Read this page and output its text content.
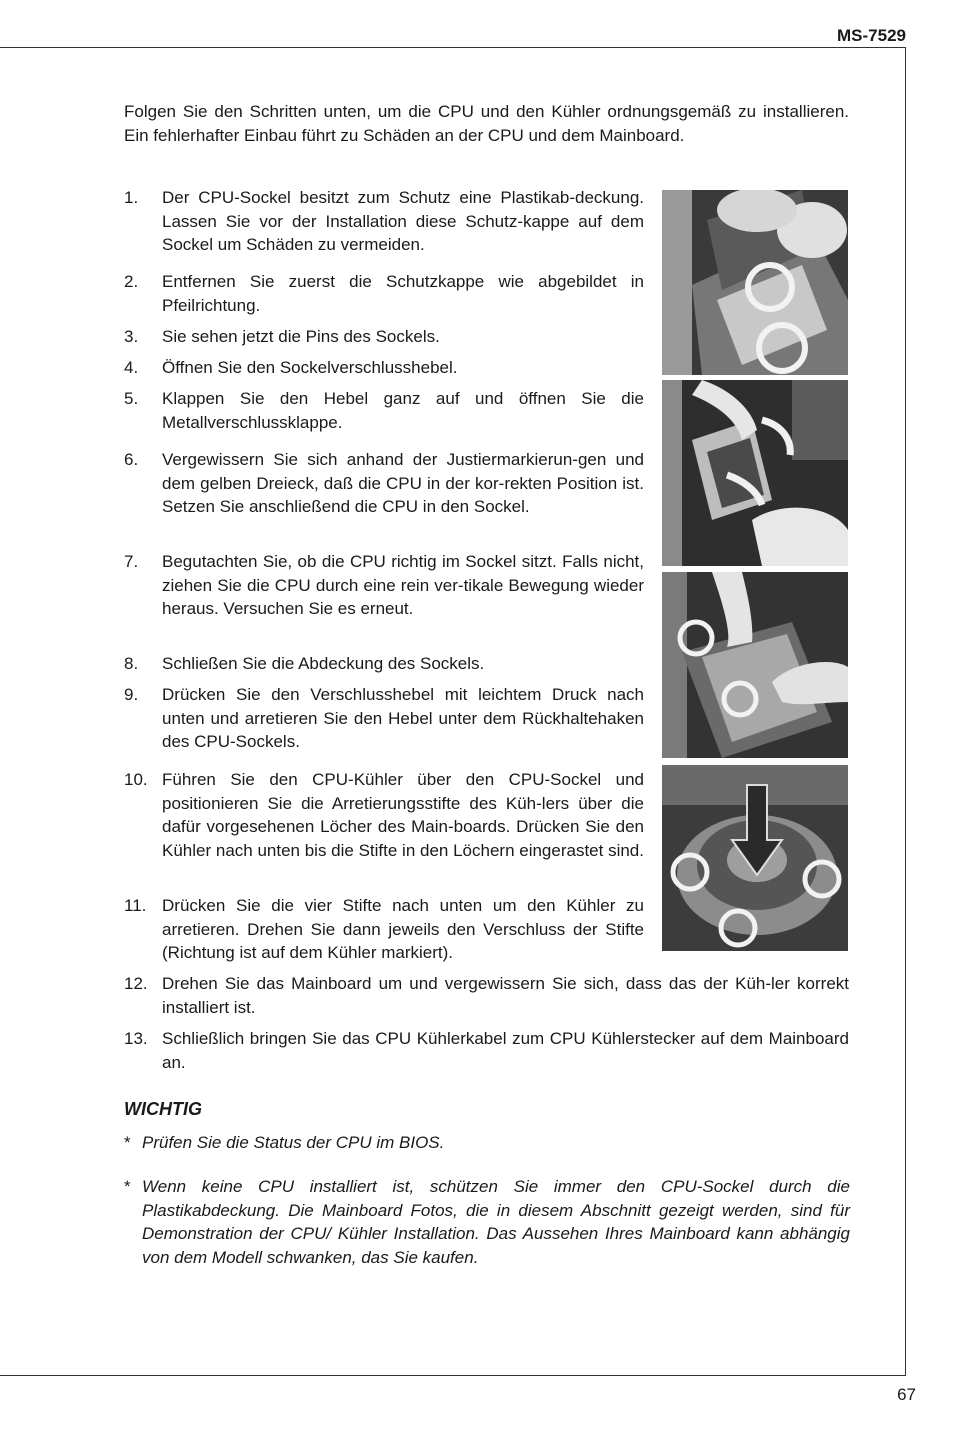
MS-7529

Folgen Sie den Schritten unten, um die CPU und den Kühler ordnungsgemäß zu installieren. Ein fehlerhafter Einbau führt zu Schäden an der CPU und dem Mainboard.

1.	Der CPU-Sockel besitzt zum Schutz eine Plastikab-deckung. Lassen Sie vor der Installation diese Schutz-kappe auf dem Sockel um Schäden zu vermeiden.
2.	Entfernen Sie zuerst die Schutzkappe wie abgebildet in Pfeilrichtung.
3.	Sie sehen jetzt die Pins des Sockels.
4.	Öffnen Sie den Sockelverschlusshebel.
5.	Klappen Sie den Hebel ganz auf und öffnen Sie die Metallverschlussklappe.
6.	Vergewissern Sie sich anhand der Justiermarkierun-gen und dem gelben Dreieck, daß die CPU in der kor-rekten Position ist. Setzen Sie anschließend die CPU in den Sockel.
7.	Begutachten Sie, ob die CPU richtig im Sockel sitzt. Falls nicht, ziehen Sie die CPU durch eine rein ver-tikale Bewegung wieder heraus. Versuchen Sie es erneut.
8.	Schließen Sie die Abdeckung des Sockels.
9.	Drücken Sie den Verschlusshebel mit leichtem Druck nach unten und arretieren Sie den Hebel unter dem Rückhaltehaken des CPU-Sockels.
10. Führen Sie den CPU-Kühler über den CPU-Sockel und positionieren Sie die Arretierungsstifte des Küh-lers über die dafür vorgesehenen Löcher des Main-boards. Drücken Sie den Kühler nach unten bis die Stifte in den Löchern eingerastet sind.
11. Drücken Sie die vier Stifte nach unten um den Kühler zu arretieren. Drehen Sie dann jeweils den Verschluss der Stifte (Richtung ist auf dem Kühler markiert).
12. Drehen Sie das Mainboard um und vergewissern Sie sich, dass das der Küh-ler korrekt installiert ist.
13. Schließlich bringen Sie das CPU Kühlerkabel zum CPU Kühlerstecker auf dem Mainboard an.
WICHTIG
* Prüfen Sie die Status der CPU im BIOS.
* Wenn keine CPU installiert ist, schützen Sie immer den CPU-Sockel durch die Plastikabdeckung. Die Mainboard Fotos, die in diesem Abschnitt gezeigt werden, sind für Demonstration der CPU/ Kühler Installation. Das Aussehen Ihres Mainboard kann abhängig von dem Modell schwanken, das Sie kaufen.
67
